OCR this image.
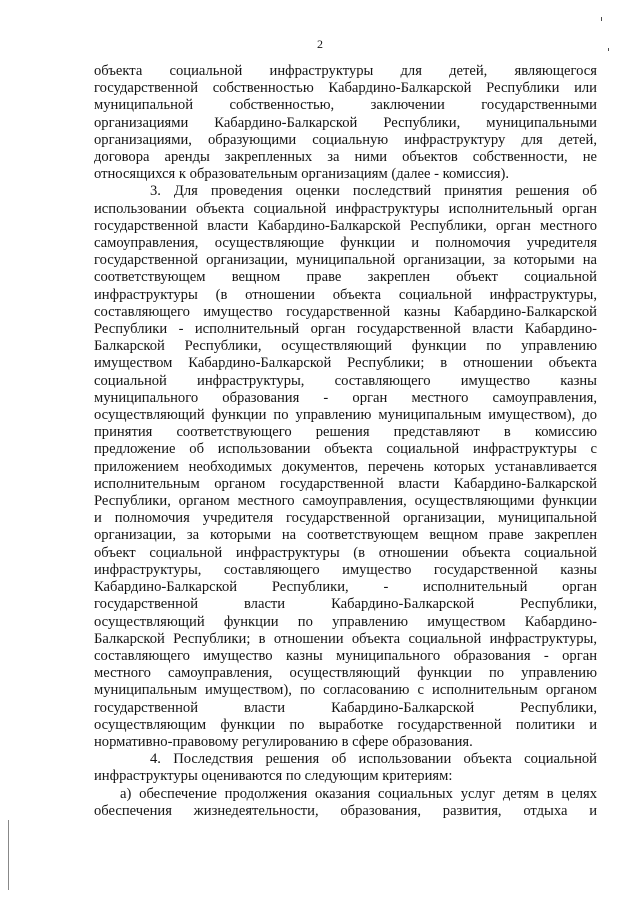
2
объекта социальной инфраструктуры для детей, являющегося
государственной собственностью Кабардино-Балкарской Республики или
муниципальной собственностью, заключении государственными
организациями Кабардино-Балкарской Республики, муниципальными
организациями, образующими социальную инфраструктуру для детей,
договора аренды закрепленных за ними объектов собственности, не
относящихся к образовательным организациям (далее - комиссия).
3. Для проведения оценки последствий принятия решения об
использовании объекта социальной инфраструктуры исполнительный орган
государственной власти Кабардино-Балкарской Республики, орган местного
самоуправления, осуществляющие функции и полномочия учредителя
государственной организации, муниципальной организации, за которыми на
соответствующем вещном праве закреплен объект социальной
инфраструктуры (в отношении объекта социальной инфраструктуры,
составляющего имущество государственной казны Кабардино-Балкарской
Республики - исполнительный орган государственной власти Кабардино-
Балкарской Республики, осуществляющий функции по управлению
имуществом Кабардино-Балкарской Республики; в отношении объекта
социальной инфраструктуры, составляющего имущество казны
муниципального образования - орган местного самоуправления,
осуществляющий функции по управлению муниципальным имуществом), до
принятия соответствующего решения представляют в комиссию
предложение об использовании объекта социальной инфраструктуры с
приложением необходимых документов, перечень которых устанавливается
исполнительным органом государственной власти Кабардино-Балкарской
Республики, органом местного самоуправления, осуществляющими функции
и полномочия учредителя государственной организации, муниципальной
организации, за которыми на соответствующем вещном праве закреплен
объект социальной инфраструктуры (в отношении объекта социальной
инфраструктуры, составляющего имущество государственной казны
Кабардино-Балкарской Республики, - исполнительный орган
государственной власти Кабардино-Балкарской Республики,
осуществляющий функции по управлению имуществом Кабардино-
Балкарской Республики; в отношении объекта социальной инфраструктуры,
составляющего имущество казны муниципального образования - орган
местного самоуправления, осуществляющий функции по управлению
муниципальным имуществом), по согласованию с исполнительным органом
государственной власти Кабардино-Балкарской Республики,
осуществляющим функции по выработке государственной политики и
нормативно-правовому регулированию в сфере образования.
4. Последствия решения об использовании объекта социальной
инфраструктуры оцениваются по следующим критериям:
а) обеспечение продолжения оказания социальных услуг детям в целях
обеспечения жизнедеятельности, образования, развития, отдыха и
